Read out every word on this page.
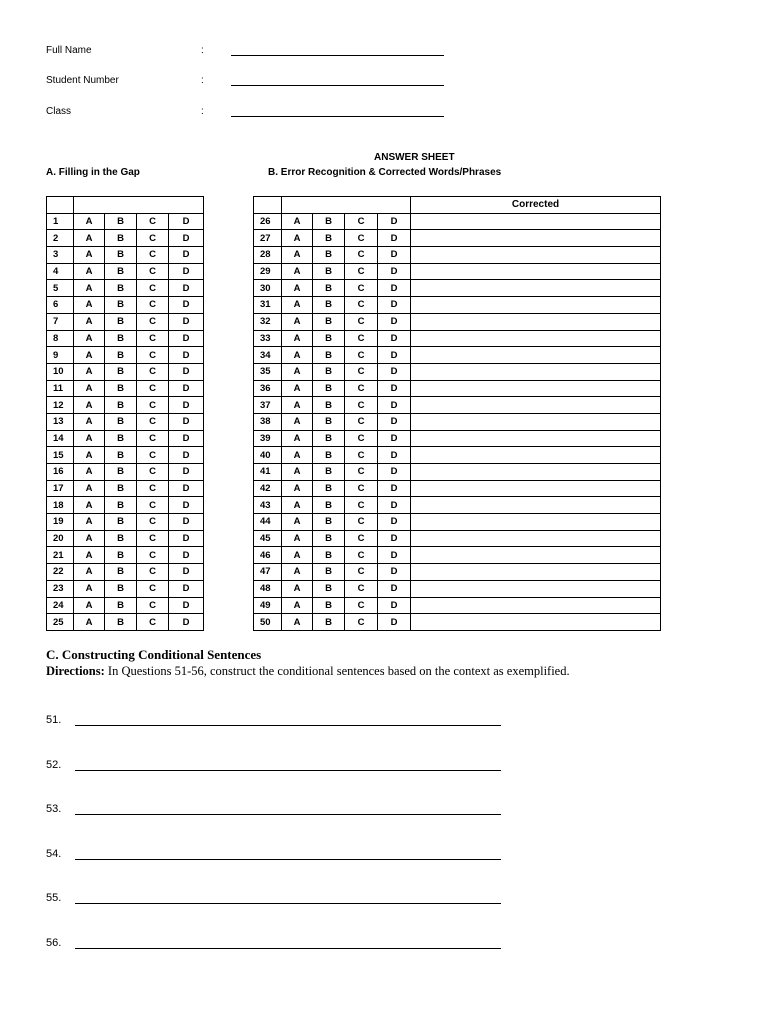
Full Name	:
Student Number	:
Class	:
ANSWER SHEET
A. Filling in the Gap	B. Error Recognition & Corrected Words/Phrases

1	A	B	C	D
2	A	B	C	D
3	A	B	C	D
4	A	B	C	D
5	A	B	C	D
6	A	B	C	D
7	A	B	C	D
8	A	B	C	D
9	A	B	C	D
10	A	B	C	D
11	A	B	C	D
12	A	B	C	D
13	A	B	C	D
14	A	B	C	D
15	A	B	C	D
16	A	B	C	D
17	A	B	C	D
18	A	B	C	D
19	A	B	C	D
20	A	B	C	D
21	A	B	C	D
22	A	B	C	D
23	A	B	C	D
24	A	B	C	D
25	A	B	C	D
					Corrected
26	A	B	C	D	
27	A	B	C	D	
28	A	B	C	D	
29	A	B	C	D	
30	A	B	C	D	
31	A	B	C	D	
32	A	B	C	D	
33	A	B	C	D	
34	A	B	C	D	
35	A	B	C	D	
36	A	B	C	D	
37	A	B	C	D	
38	A	B	C	D	
39	A	B	C	D	
40	A	B	C	D	
41	A	B	C	D	
42	A	B	C	D	
43	A	B	C	D	
44	A	B	C	D	
45	A	B	C	D	
46	A	B	C	D	
47	A	B	C	D	
48	A	B	C	D	
49	A	B	C	D	
50	A	B	C	D	
C. Constructing Conditional Sentences
Directions: In Questions 51-56, construct the conditional sentences based on the context as exemplified.
51.
52.
53.
54.
55.
56.
